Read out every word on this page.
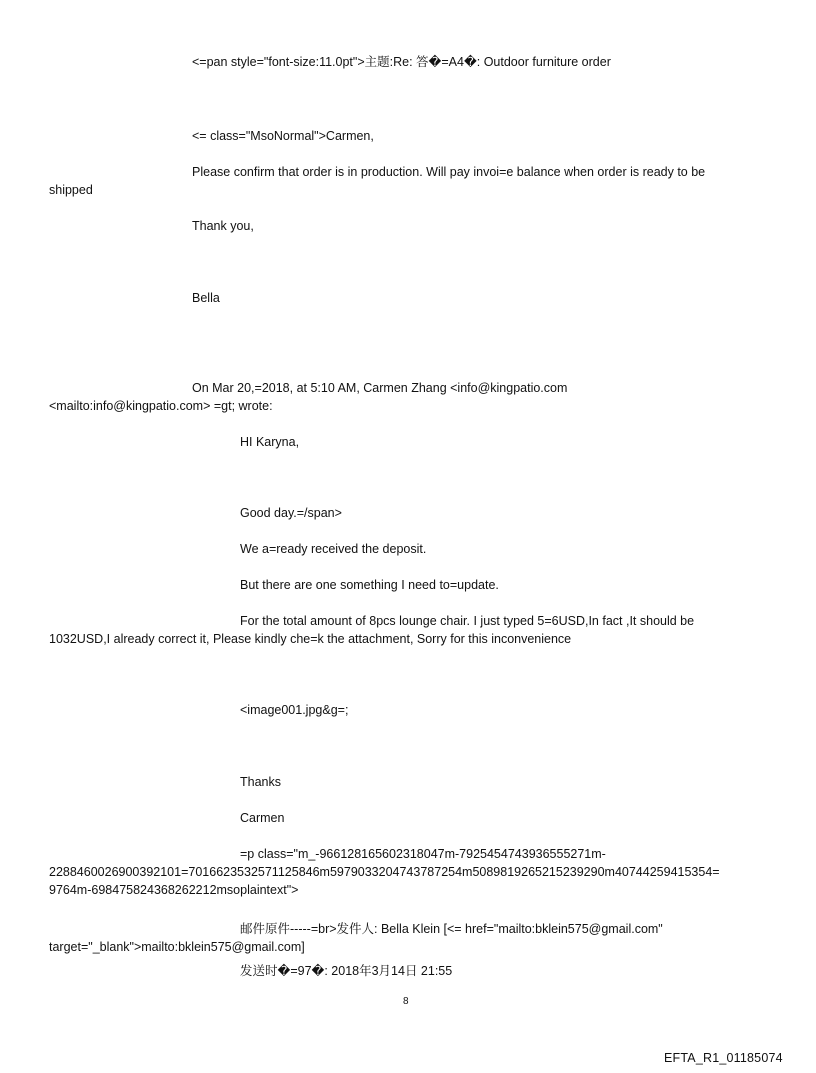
<=pan style="font-size:11.0pt">主题:Re: 答�=A4�: Outdoor furniture order
<= class="MsoNormal">Carmen,
Please confirm that order is in production. Will pay invoi=e balance when order is ready to be
shipped
Thank you,
Bella
On Mar 20,=2018, at 5:10 AM, Carmen Zhang <info@kingpatio.com
<mailto:info@kingpatio.com> =gt; wrote:
HI Karyna,
Good day.=/span>
We a=ready received the deposit.
But there are one something I need to=update.
For the total amount of 8pcs lounge chair. I just typed 5=6USD,In fact ,It should be
1032USD,I already correct it, Please kindly che=k the attachment, Sorry for this inconvenience
<image001.jpg&g=;
Thanks
Carmen
=p class="m_-966128165602318047m-7925454743936555271m-
2288460026900392101=7016623532571125846m5979033204743787254m5089819265215239290m40744259415354=
9764m-698475824368262212msoplaintext">
邮件原件-----=br>发件人: Bella Klein [<= href="mailto:bklein575@gmail.com"
target="_blank">mailto:bklein575@gmail.com]
发送时�=97�: 2018年3月14日 21:55
8
EFTA_R1_01185074
